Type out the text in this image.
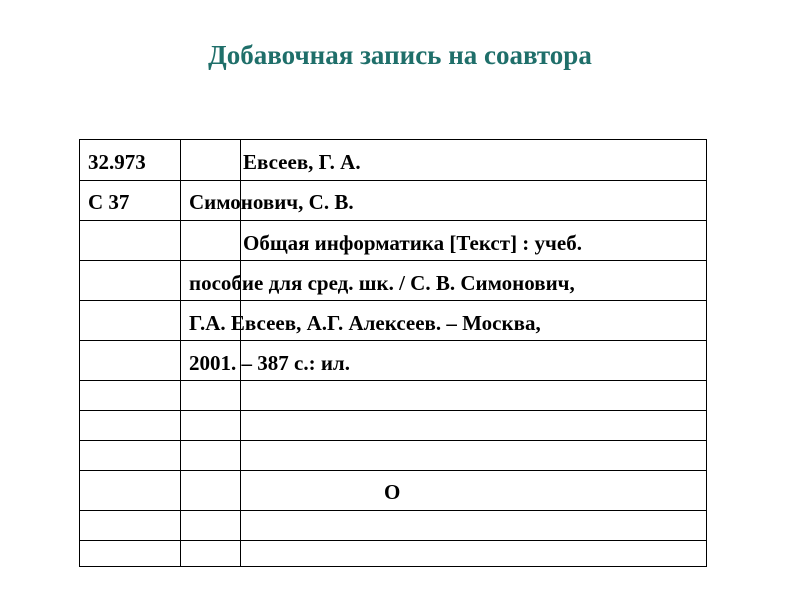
Добавочная запись на соавтора
32.973
С 37
Евсеев, Г. А.
Симонович, С. В.
Общая информатика [Текст] : учеб.
пособие для сред. шк. / С. В. Симонович,
Г.А. Евсеев, А.Г. Алексеев. – Москва,
2001. – 387 с.: ил.
О
